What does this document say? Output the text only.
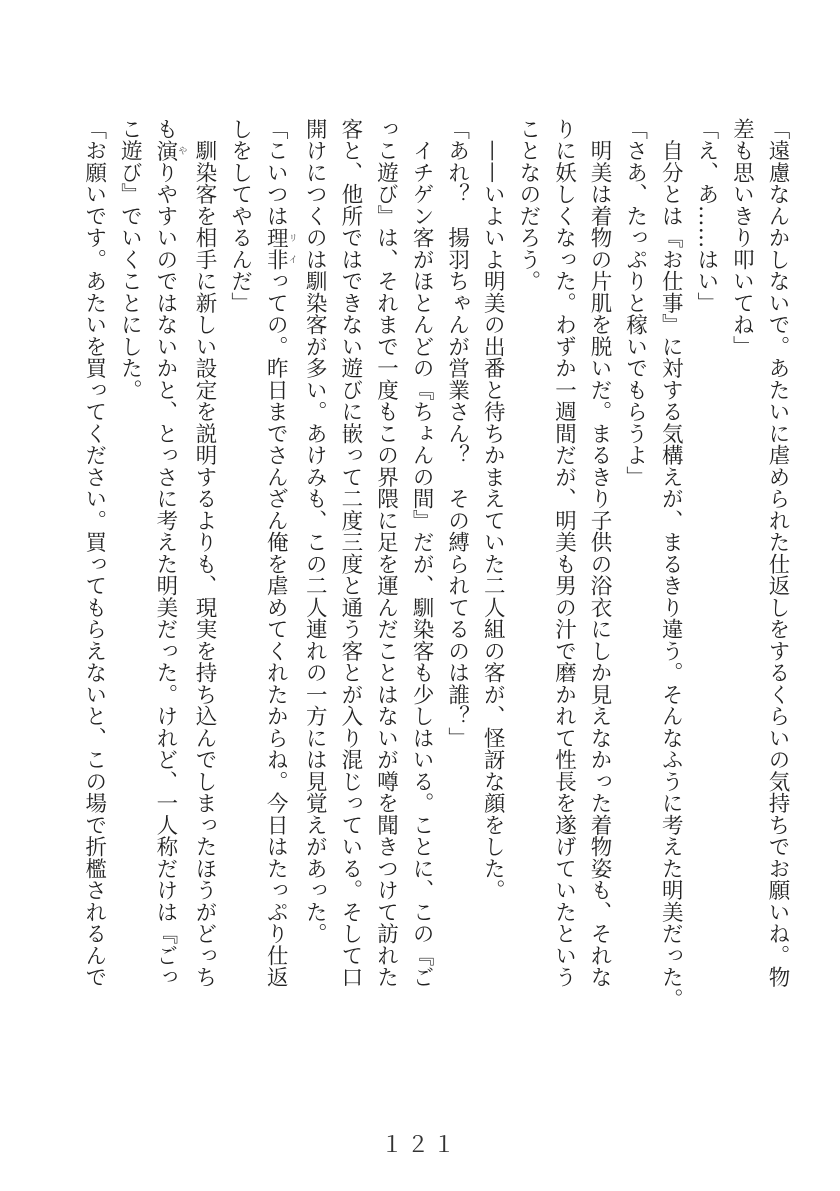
「遠慮なんかしないで。あたいに虐められた仕返しをするくらいの気持ちでお願いね。物
差も思いきり叩いてね」
「え、あ……はい」
　自分とは『お仕事』に対する気構えが、まるきり違う。そんなふうに考えた明美だった。
「さあ、たっぷりと稼いでもらうよ」
　明美は着物の片肌を脱いだ。まるきり子供の浴衣にしか見えなかった着物姿も、それな
りに妖しくなった。わずか一週間だが、明美も男の汁で磨かれて性長を遂げていたという
ことなのだろう。
　——いよいよ明美の出番と待ちかまえていた二人組の客が、怪訝な顔をした。
「あれ？　揚羽ちゃんが営業さん？　その縛られてるのは誰？」
　イチゲン客がほとんどの『ちょんの間』だが、馴染客も少しはいる。ことに、この『ご
っこ遊び』は、それまで一度もこの界隈に足を運んだことはないが噂を聞きつけて訪れた
客と、他所ではできない遊びに嵌って二度三度と通う客とが入り混じっている。そして口
開けにつくのは馴染客が多い。あけみも、この二人連れの一方には見覚えがあった。
「こいつは理非リイっての。昨日までさんざん俺を虐めてくれたからね。今日はたっぷり仕返
しをしてやるんだ」
　馴染客を相手に新しい設定を説明するよりも、現実を持ち込んでしまったほうがどっち
も演やりやすいのではないかと、とっさに考えた明美だった。けれど、一人称だけは『ごっ
こ遊び』でいくことにした。
「お願いです。あたいを買ってください。買ってもらえないと、この場で折檻されるんで
１２１
